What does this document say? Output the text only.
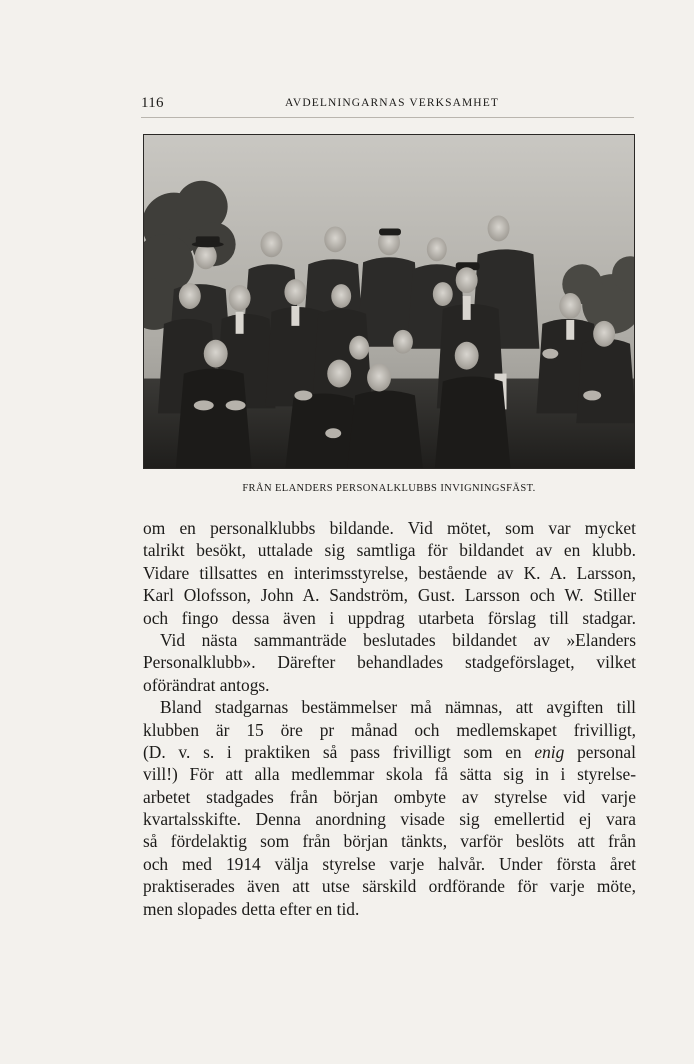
116	AVDELNINGARNAS VERKSAMHET
FRÅN ELANDERS PERSONALKLUBBS INVIGNINGSFÄST.
om en personalklubbs bildande. Vid mötet, som var mycket
talrikt besökt, uttalade sig samtliga för bildandet av en klubb.
Vidare tillsattes en interimsstyrelse, bestående av K. A. Larsson,
Karl Olofsson, John A. Sandström, Gust. Larsson och W. Stiller
och fingo dessa även i uppdrag utarbeta förslag till stadgar.
Vid nästa sammanträde beslutades bildandet av »Elanders
Personalklubb». Därefter behandlades stadgeförslaget, vilket
oförändrat antogs.
Bland stadgarnas bestämmelser må nämnas, att avgiften till
klubben är 15 öre pr månad och medlemskapet frivilligt,
(D. v. s. i praktiken så pass frivilligt som en enig personal
vill!) För att alla medlemmar skola få sätta sig in i styrelse-
arbetet stadgades från början ombyte av styrelse vid varje
kvartalsskifte. Denna anordning visade sig emellertid ej vara
så fördelaktig som från början tänkts, varför beslöts att från
och med 1914 välja styrelse varje halvår. Under första året
praktiserades även att utse särskild ordförande för varje möte,
men slopades detta efter en tid.
